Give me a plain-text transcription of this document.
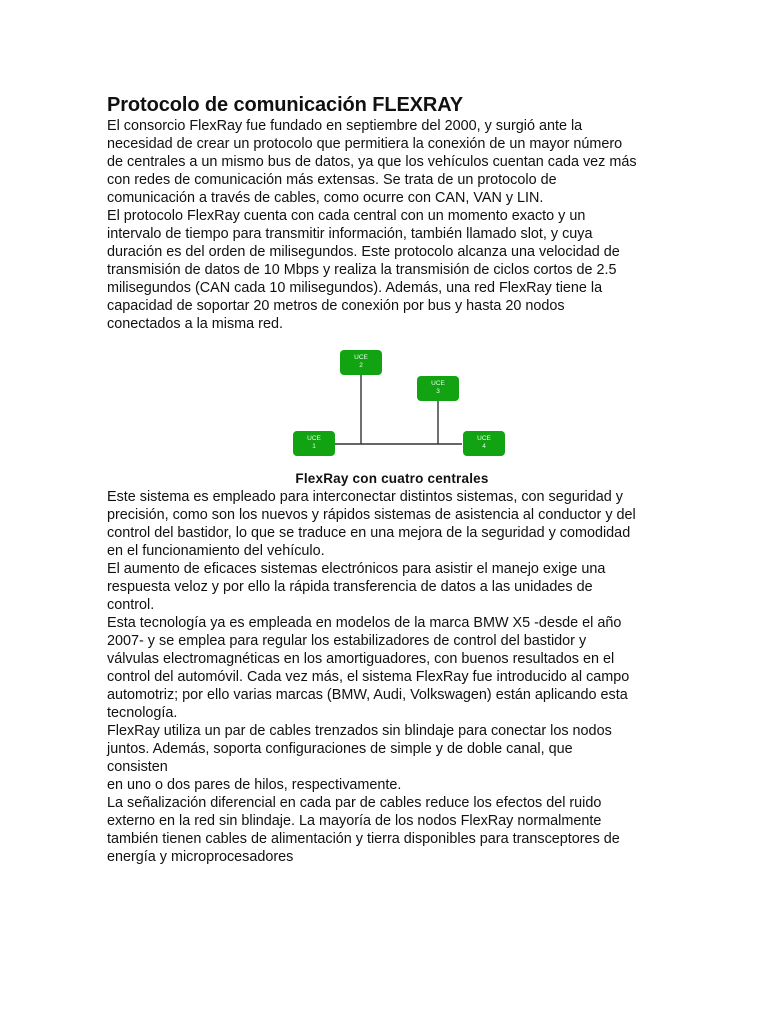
Protocolo de comunicación FLEXRAY

El consorcio FlexRay fue fundado en septiembre del 2000, y surgió ante la
necesidad de crear un protocolo que permitiera la conexión de un mayor número
de centrales a un mismo bus de datos, ya que los vehículos cuentan cada vez más
con redes de comunicación más extensas. Se trata de un protocolo de
comunicación a través de cables, como ocurre con CAN, VAN y LIN.

El protocolo FlexRay cuenta con cada central con un momento exacto y un
intervalo de tiempo para transmitir información, también llamado slot, y cuya
duración es del orden de milisegundos. Este protocolo alcanza una velocidad de
transmisión de datos de 10 Mbps y realiza la transmisión de ciclos cortos de 2.5
milisegundos (CAN cada 10 milisegundos). Además, una red FlexRay tiene la
capacidad de soportar 20 metros de conexión por bus y hasta 20 nodos
conectados a la misma red.

UCE
2
UCE
3
UCE
1
UCE
4
FlexRay con cuatro centrales

Este sistema es empleado para interconectar distintos sistemas, con seguridad y
precisión, como son los nuevos y rápidos sistemas de asistencia al conductor y del
control del bastidor, lo que se traduce en una mejora de la seguridad y comodidad
en el funcionamiento del vehículo.

El aumento de eficaces sistemas electrónicos para asistir el manejo exige una
respuesta veloz y por ello la rápida transferencia de datos a las unidades de
control.

Esta tecnología ya es empleada en modelos de la marca BMW X5 -desde el año
2007- y se emplea para regular los estabilizadores de control del bastidor y
válvulas electromagnéticas en los amortiguadores, con buenos resultados en el
control del automóvil. Cada vez más, el sistema FlexRay fue introducido al campo
automotriz; por ello varias marcas (BMW, Audi, Volkswagen) están aplicando esta
tecnología.

FlexRay utiliza un par de cables trenzados sin blindaje para conectar los nodos
juntos. Además, soporta configuraciones de simple y de doble canal, que
consisten
en uno o dos pares de hilos, respectivamente.

La señalización diferencial en cada par de cables reduce los efectos del ruido
externo en la red sin blindaje. La mayoría de los nodos FlexRay normalmente
también tienen cables de alimentación y tierra disponibles para transceptores de
energía y microprocesadores
